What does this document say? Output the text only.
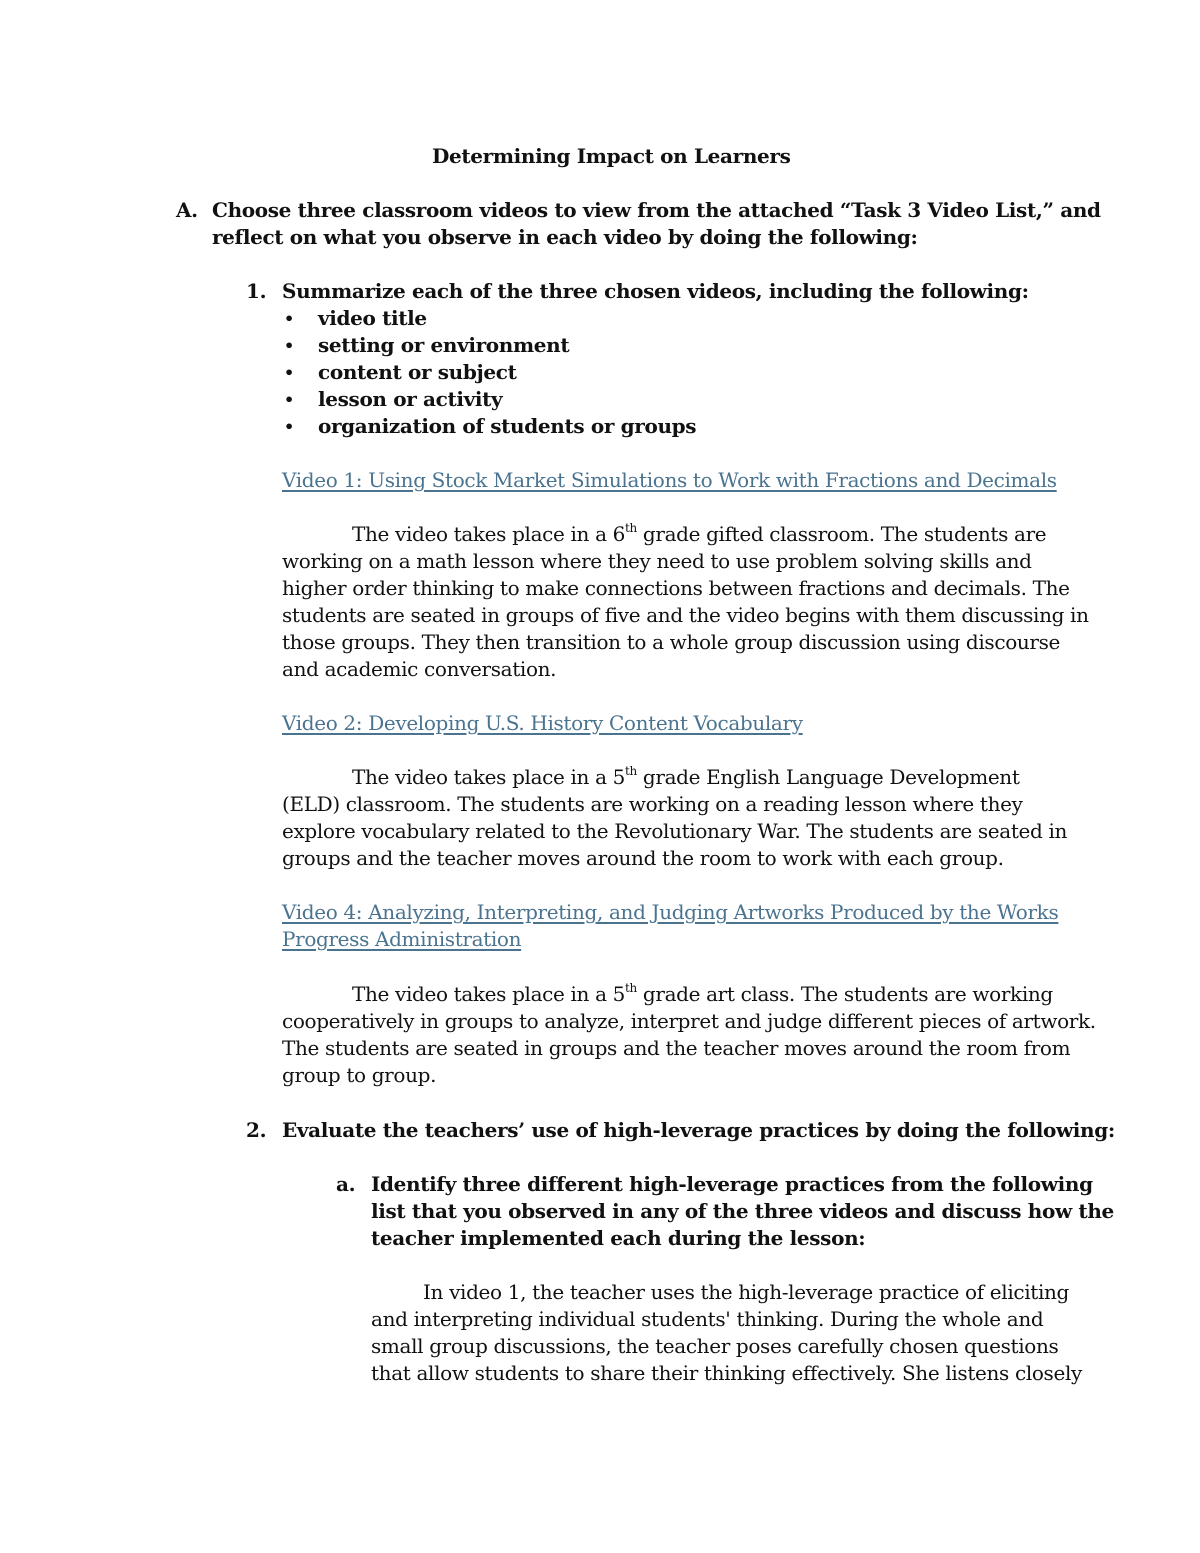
Determining Impact on Learners
A. Choose three classroom videos to view from the attached “Task 3 Video List,” and
reflect on what you observe in each video by doing the following:
1. Summarize each of the three chosen videos, including the following:
• video title
• setting or environment
• content or subject
• lesson or activity
• organization of students or groups
Video 1: Using Stock Market Simulations to Work with Fractions and Decimals
The video takes place in a 6th grade gifted classroom. The students are
working on a math lesson where they need to use problem solving skills and
higher order thinking to make connections between fractions and decimals. The
students are seated in groups of five and the video begins with them discussing in
those groups. They then transition to a whole group discussion using discourse
and academic conversation.
Video 2: Developing U.S. History Content Vocabulary
The video takes place in a 5th grade English Language Development
(ELD) classroom. The students are working on a reading lesson where they
explore vocabulary related to the Revolutionary War. The students are seated in
groups and the teacher moves around the room to work with each group.
Video 4: Analyzing, Interpreting, and Judging Artworks Produced by the Works
Progress Administration
The video takes place in a 5th grade art class. The students are working
cooperatively in groups to analyze, interpret and judge different pieces of artwork.
The students are seated in groups and the teacher moves around the room from
group to group.
2. Evaluate the teachers’ use of high-leverage practices by doing the following:
a. Identify three different high-leverage practices from the following
list that you observed in any of the three videos and discuss how the
teacher implemented each during the lesson:
In video 1, the teacher uses the high-leverage practice of eliciting
and interpreting individual students' thinking. During the whole and
small group discussions, the teacher poses carefully chosen questions
that allow students to share their thinking effectively. She listens closely
